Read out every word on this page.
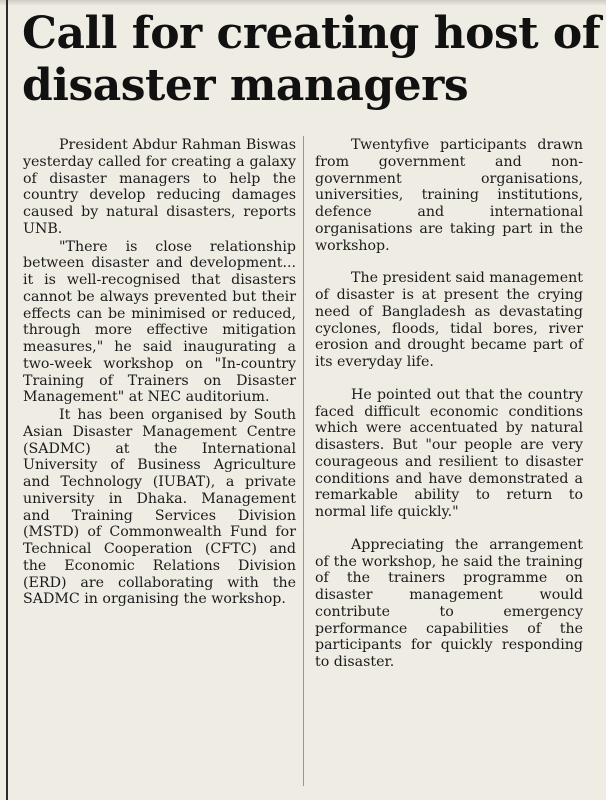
Call for creating host of disaster managers

President Abdur Rahman Biswas yesterday called for creating a galaxy of disaster managers to help the country develop reducing damages caused by natural disasters, reports UNB.

"There is close relationship between disaster and development... it is well-recognised that disasters cannot be always prevented but their effects can be minimised or reduced, through more effective mitigation measures," he said inaugurating a two-week workshop on "In-country Training of Trainers on Disaster Management" at NEC auditorium.

It has been organised by South Asian Disaster Management Centre (SADMC) at the International University of Business Agriculture and Technology (IUBAT), a private university in Dhaka. Management and Training Services Division (MSTD) of Commonwealth Fund for Technical Cooperation (CFTC) and the Economic Relations Division (ERD) are collaborating with the SADMC in organising the workshop.

Twentyfive participants drawn from government and non-government organisations, universities, training institutions, defence and international organisations are taking part in the workshop.

The president said management of disaster is at present the crying need of Bangladesh as devastating cyclones, floods, tidal bores, river erosion and drought became part of its everyday life.

He pointed out that the country faced difficult economic conditions which were accentuated by natural disasters. But "our people are very courageous and resilient to disaster conditions and have demonstrated a remarkable ability to return to normal life quickly."

Appreciating the arrangement of the workshop, he said the training of the trainers programme on disaster management would contribute to emergency performance capabilities of the participants for quickly responding to disaster.
